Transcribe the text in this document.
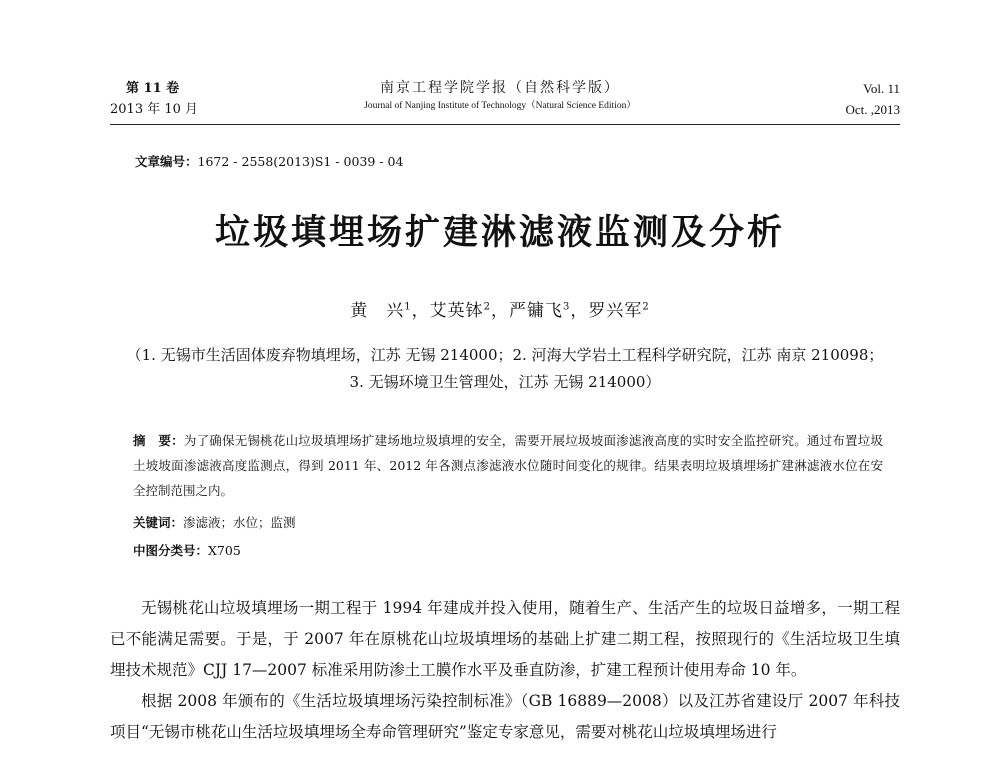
第 11 卷
2013 年 10 月
南京工程学院学报（自然科学版）
Journal of Nanjing Institute of Technology（Natural Science Edition）
Vol. 11
Oct. ,2013
文章编号：1672 - 2558(2013)S1 - 0039 - 04
垃圾填埋场扩建淋滤液监测及分析
黄　兴$^1$，艾英钵$^2$，严镛飞$^3$，罗兴军$^2$
（1. 无锡市生活固体废弃物填埋场，江苏 无锡 214000；2. 河海大学岩土工程科学研究院，江苏 南京 210098；
3. 无锡环境卫生管理处，江苏 无锡 214000）
摘　要：为了确保无锡桃花山垃圾填埋场扩建场地垃圾填埋的安全，需要开展垃圾坡面渗滤液高度的实时安全监控研究。通过布置垃圾土坡坡面渗滤液高度监测点，得到 2011 年、2012 年各测点渗滤液水位随时间变化的规律。结果表明垃圾填埋场扩建淋滤液水位在安全控制范围之内。
关键词：渗滤液；水位；监测
中图分类号：X705

无锡桃花山垃圾填埋场一期工程于 1994 年建成并投入使用，随着生产、生活产生的垃圾日益增多，一期工程已不能满足需要。于是，于 2007 年在原桃花山垃圾填埋场的基础上扩建二期工程，按照现行的《生活垃圾卫生填埋技术规范》CJJ 17—2007 标准采用防渗土工膜作水平及垂直防渗，扩建工程预计使用寿命 10 年。

根据 2008 年颁布的《生活垃圾填埋场污染控制标准》（GB 16889—2008）以及江苏省建设厅 2007 年科技项目“无锡市桃花山生活垃圾填埋场全寿命管理研究”鉴定专家意见，需要对桃花山垃圾填埋场进行
